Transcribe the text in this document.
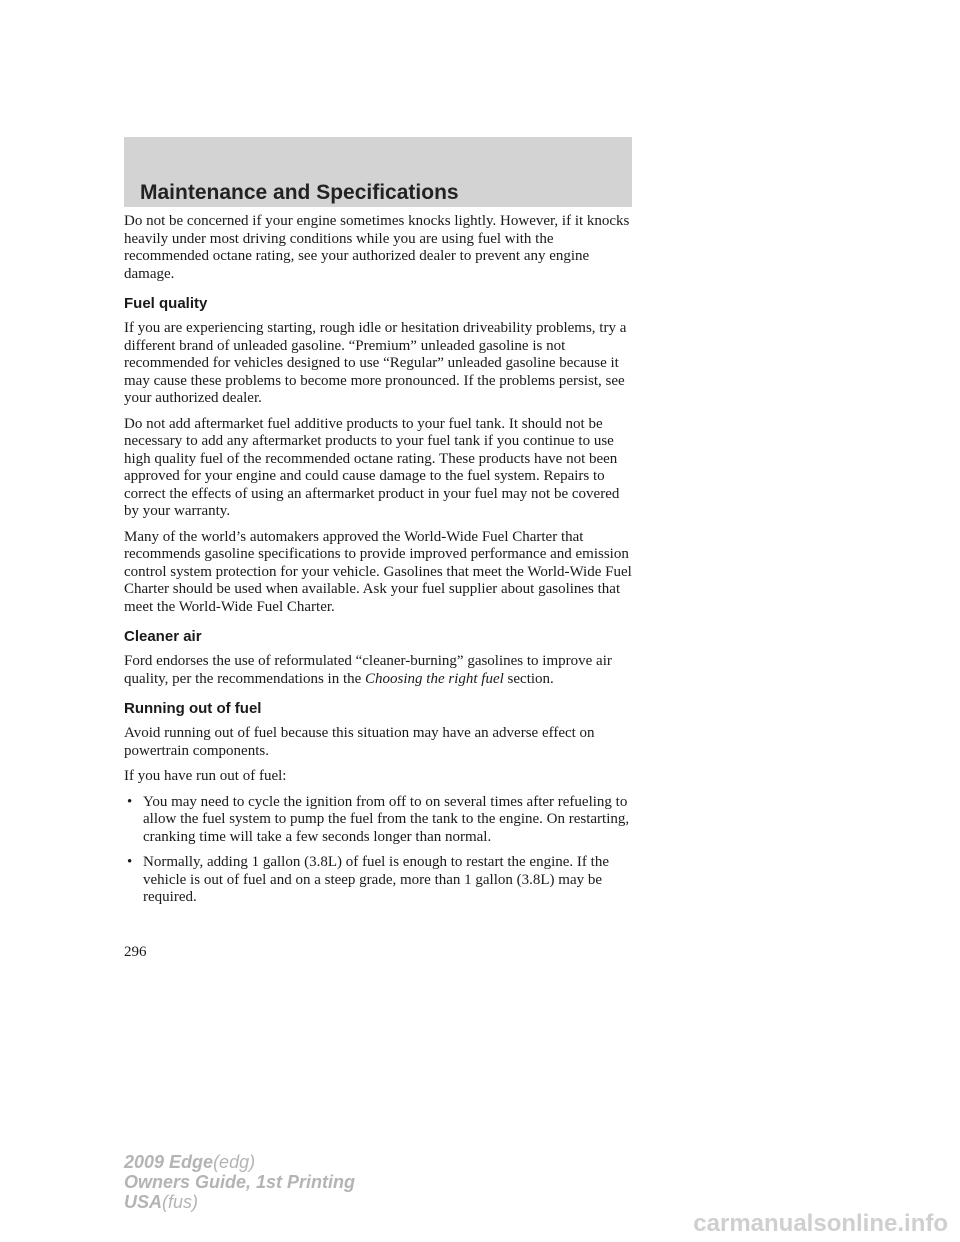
Maintenance and Specifications

Do not be concerned if your engine sometimes knocks lightly. However, if it knocks heavily under most driving conditions while you are using fuel with the recommended octane rating, see your authorized dealer to prevent any engine damage.

Fuel quality

If you are experiencing starting, rough idle or hesitation driveability problems, try a different brand of unleaded gasoline. “Premium” unleaded gasoline is not recommended for vehicles designed to use “Regular” unleaded gasoline because it may cause these problems to become more pronounced. If the problems persist, see your authorized dealer.

Do not add aftermarket fuel additive products to your fuel tank. It should not be necessary to add any aftermarket products to your fuel tank if you continue to use high quality fuel of the recommended octane rating. These products have not been approved for your engine and could cause damage to the fuel system. Repairs to correct the effects of using an aftermarket product in your fuel may not be covered by your warranty.

Many of the world’s automakers approved the World-Wide Fuel Charter that recommends gasoline specifications to provide improved performance and emission control system protection for your vehicle. Gasolines that meet the World-Wide Fuel Charter should be used when available. Ask your fuel supplier about gasolines that meet the World-Wide Fuel Charter.

Cleaner air

Ford endorses the use of reformulated “cleaner-burning” gasolines to improve air quality, per the recommendations in the Choosing the right fuel section.

Running out of fuel

Avoid running out of fuel because this situation may have an adverse effect on powertrain components.

If you have run out of fuel:

• You may need to cycle the ignition from off to on several times after refueling to allow the fuel system to pump the fuel from the tank to the engine. On restarting, cranking time will take a few seconds longer than normal.
• Normally, adding 1 gallon (3.8L) of fuel is enough to restart the engine. If the vehicle is out of fuel and on a steep grade, more than 1 gallon (3.8L) may be required.

296

2009 Edge(edg)
Owners Guide, 1st Printing
USA(fus)
carmanualsonline.info
